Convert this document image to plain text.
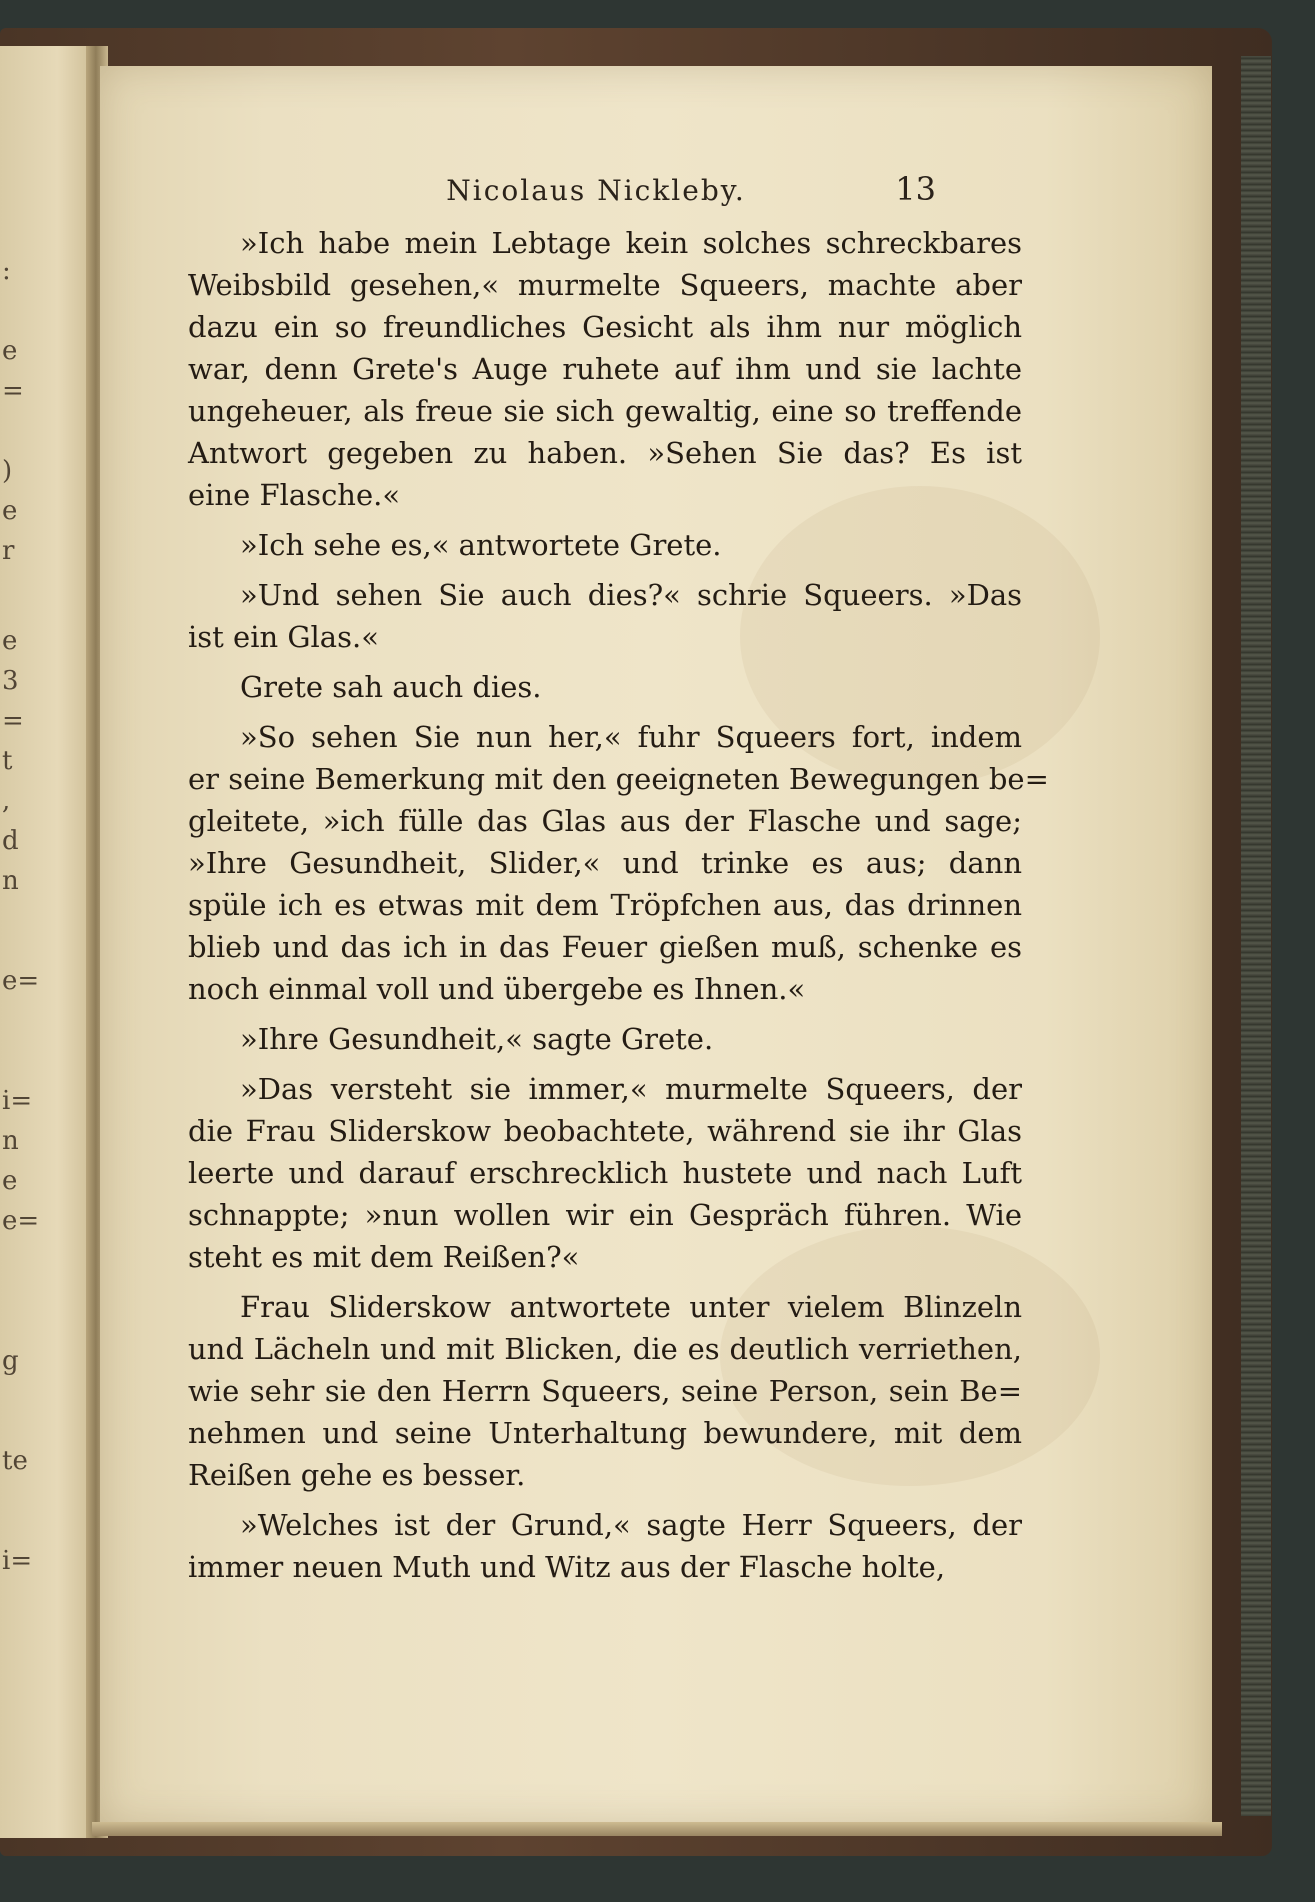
:
e
=
)
e
r
e
3
=
t
,
d
n
e=
i=
n
e
e=
g
te
i=
Nicolaus Nickleby.	13
»Ich habe mein Lebtage kein solches schreckbares
Weibsbild gesehen,« murmelte Squeers, machte aber
dazu ein so freundliches Gesicht als ihm nur möglich
war, denn Grete's Auge ruhete auf ihm und sie lachte
ungeheuer, als freue sie sich gewaltig, eine so treffende
Antwort gegeben zu haben. »Sehen Sie das? Es ist
eine Flasche.«
»Ich sehe es,« antwortete Grete.
»Und sehen Sie auch dies?« schrie Squeers. »Das
ist ein Glas.«
Grete sah auch dies.
»So sehen Sie nun her,« fuhr Squeers fort, indem
er seine Bemerkung mit den geeigneten Bewegungen be=
gleitete, »ich fülle das Glas aus der Flasche und sage;
»Ihre Gesundheit, Slider,« und trinke es aus; dann
spüle ich es etwas mit dem Tröpfchen aus, das drinnen
blieb und das ich in das Feuer gießen muß, schenke es
noch einmal voll und übergebe es Ihnen.«
»Ihre Gesundheit,« sagte Grete.
»Das versteht sie immer,« murmelte Squeers, der
die Frau Sliderskow beobachtete, während sie ihr Glas
leerte und darauf erschrecklich hustete und nach Luft
schnappte; »nun wollen wir ein Gespräch führen. Wie
steht es mit dem Reißen?«
Frau Sliderskow antwortete unter vielem Blinzeln
und Lächeln und mit Blicken, die es deutlich verriethen,
wie sehr sie den Herrn Squeers, seine Person, sein Be=
nehmen und seine Unterhaltung bewundere, mit dem
Reißen gehe es besser.
»Welches ist der Grund,« sagte Herr Squeers, der
immer neuen Muth und Witz aus der Flasche holte,
